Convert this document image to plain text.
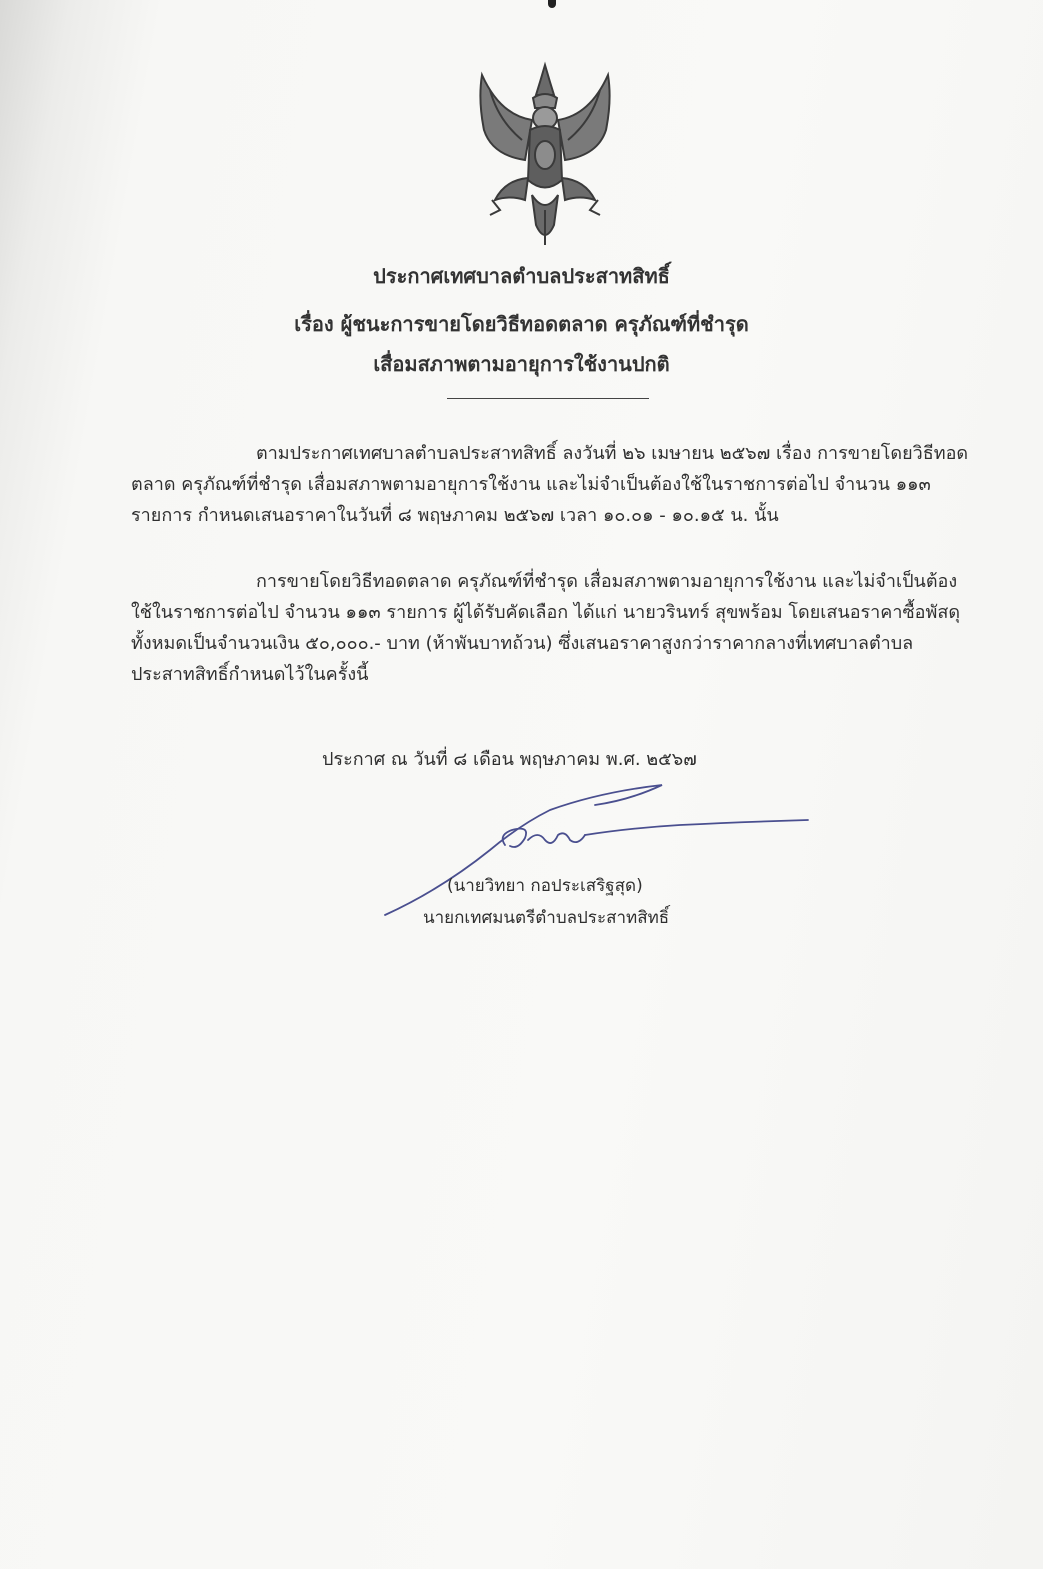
ประกาศเทศบาลตำบลประสาทสิทธิ์
เรื่อง ผู้ชนะการขายโดยวิธีทอดตลาด ครุภัณฑ์ที่ชำรุด
เสื่อมสภาพตามอายุการใช้งานปกติ

ตามประกาศเทศบาลตำบลประสาทสิทธิ์ ลงวันที่ ๒๖ เมษายน ๒๕๖๗ เรื่อง การขายโดยวิธีทอดตลาด ครุภัณฑ์ที่ชำรุด เสื่อมสภาพตามอายุการใช้งาน และไม่จำเป็นต้องใช้ในราชการต่อไป จำนวน ๑๑๓ รายการ กำหนดเสนอราคาในวันที่ ๘ พฤษภาคม ๒๕๖๗ เวลา ๑๐.๐๑ - ๑๐.๑๕ น. นั้น

การขายโดยวิธีทอดตลาด ครุภัณฑ์ที่ชำรุด เสื่อมสภาพตามอายุการใช้งาน และไม่จำเป็นต้องใช้ในราชการต่อไป จำนวน ๑๑๓ รายการ ผู้ได้รับคัดเลือก ได้แก่ นายวรินทร์ สุขพร้อม โดยเสนอราคาซื้อพัสดุทั้งหมดเป็นจำนวนเงิน ๕๐,๐๐๐.- บาท (ห้าพันบาทถ้วน) ซึ่งเสนอราคาสูงกว่าราคากลางที่เทศบาลตำบลประสาทสิทธิ์กำหนดไว้ในครั้งนี้

ประกาศ ณ วันที่ ๘ เดือน พฤษภาคม พ.ศ. ๒๕๖๗
(นายวิทยา กอประเสริฐสุด)
นายกเทศมนตรีตำบลประสาทสิทธิ์
